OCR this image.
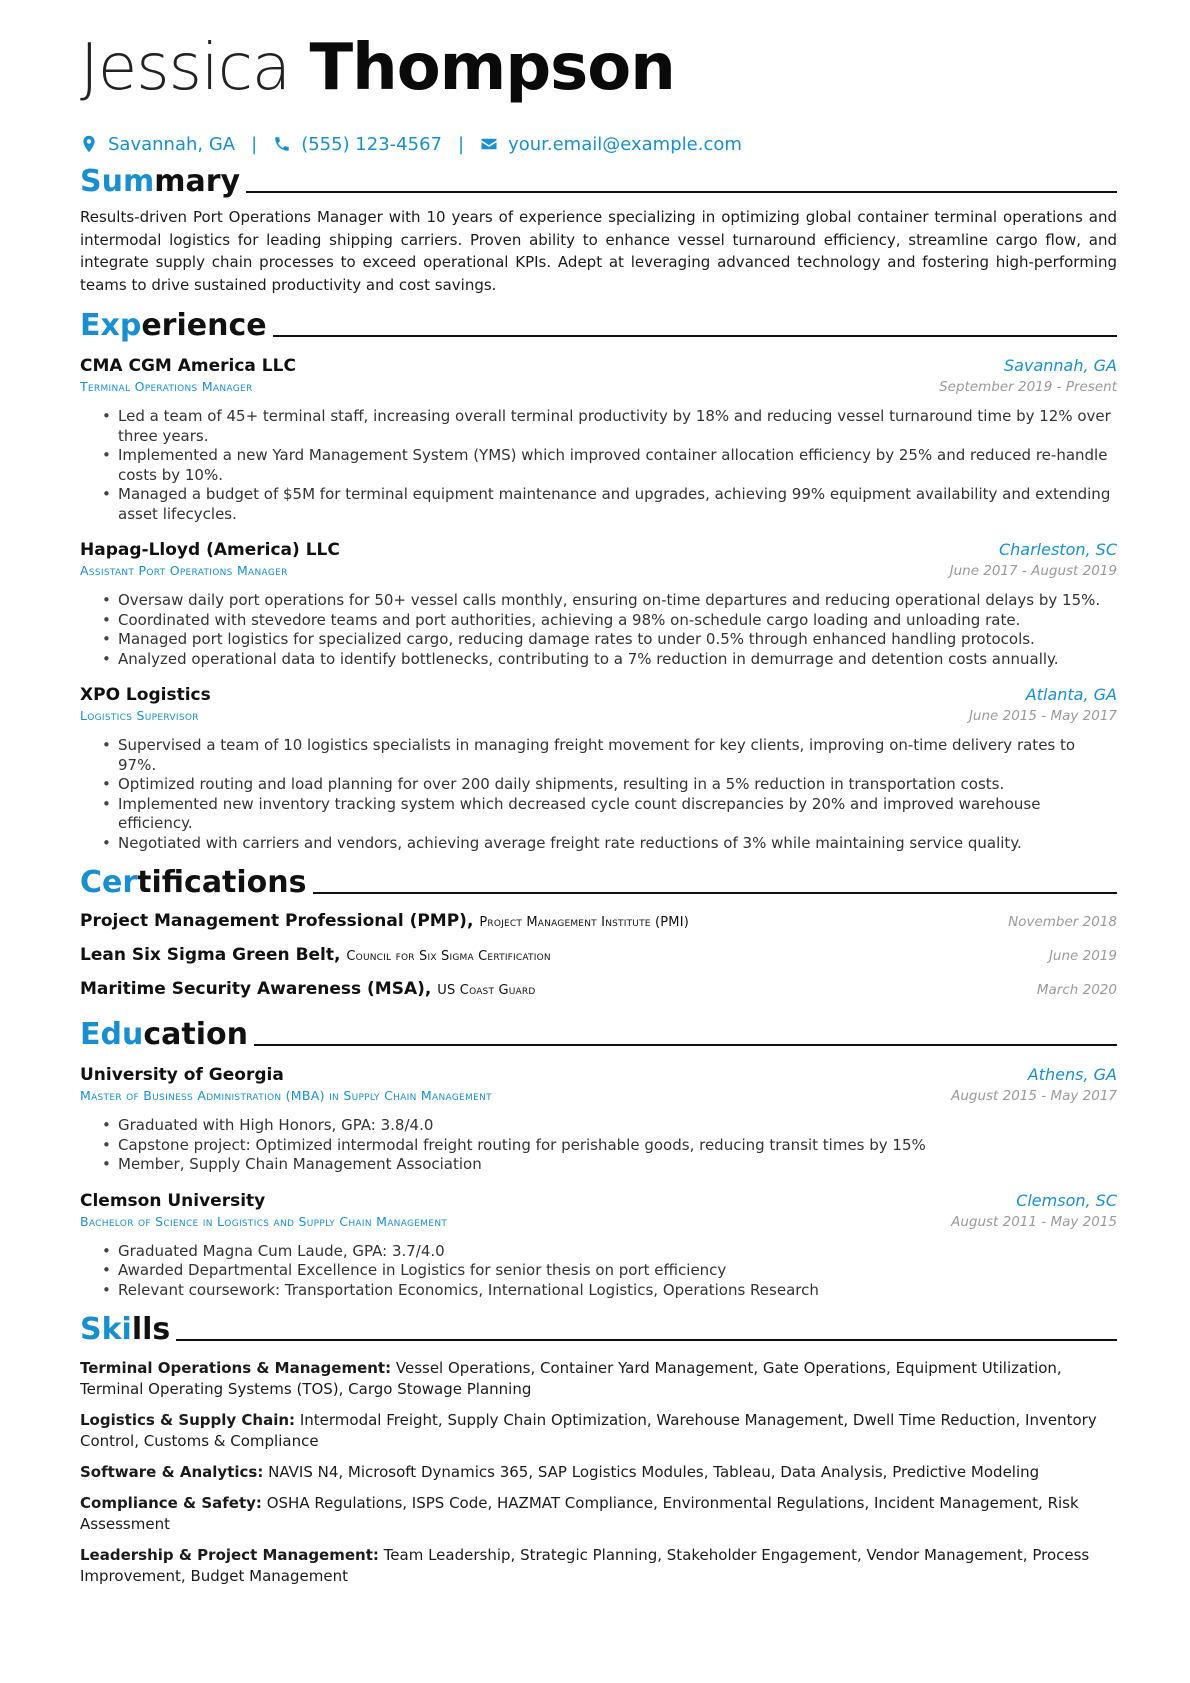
Jessica Thompson
Savannah, GA | (555) 123-4567 | your.email@example.com
Sum mary
Results-driven Port Operations Manager with 10 years of experience specializing in optimizing global container terminal operations and intermodal logistics for leading shipping carriers. Proven ability to enhance vessel turnaround efficiency, streamline cargo flow, and integrate supply chain processes to exceed operational KPIs. Adept at leveraging advanced technology and fostering high-performing teams to drive sustained productivity and cost savings.
Exp erience
CMA CGM America LLC	Savannah, GA
Terminal Operations Manager	September 2019 - Present
• Led a team of 45+ terminal staff, increasing overall terminal productivity by 18% and reducing vessel turnaround time by 12% over three years.
• Implemented a new Yard Management System (YMS) which improved container allocation efficiency by 25% and reduced re-handle costs by 10%.
• Managed a budget of $5M for terminal equipment maintenance and upgrades, achieving 99% equipment availability and extending asset lifecycles.
Hapag-Lloyd (America) LLC	Charleston, SC
Assistant Port Operations Manager	June 2017 - August 2019
• Oversaw daily port operations for 50+ vessel calls monthly, ensuring on-time departures and reducing operational delays by 15%.
• Coordinated with stevedore teams and port authorities, achieving a 98% on-schedule cargo loading and unloading rate.
• Managed port logistics for specialized cargo, reducing damage rates to under 0.5% through enhanced handling protocols.
• Analyzed operational data to identify bottlenecks, contributing to a 7% reduction in demurrage and detention costs annually.
XPO Logistics	Atlanta, GA
Logistics Supervisor	June 2015 - May 2017
• Supervised a team of 10 logistics specialists in managing freight movement for key clients, improving on-time delivery rates to 97%.
• Optimized routing and load planning for over 200 daily shipments, resulting in a 5% reduction in transportation costs.
• Implemented new inventory tracking system which decreased cycle count discrepancies by 20% and improved warehouse efficiency.
• Negotiated with carriers and vendors, achieving average freight rate reductions of 3% while maintaining service quality.
Cer tifications
Project Management Professional (PMP), Project Management Institute (PMI)	November 2018
Lean Six Sigma Green Belt, Council for Six Sigma Certification	June 2019
Maritime Security Awareness (MSA), US Coast Guard	March 2020
Edu cation
University of Georgia	Athens, GA
Master of Business Administration (MBA) in Supply Chain Management	August 2015 - May 2017
• Graduated with High Honors, GPA: 3.8/4.0
• Capstone project: Optimized intermodal freight routing for perishable goods, reducing transit times by 15%
• Member, Supply Chain Management Association
Clemson University	Clemson, SC
Bachelor of Science in Logistics and Supply Chain Management	August 2011 - May 2015
• Graduated Magna Cum Laude, GPA: 3.7/4.0
• Awarded Departmental Excellence in Logistics for senior thesis on port efficiency
• Relevant coursework: Transportation Economics, International Logistics, Operations Research
Ski lls
Terminal Operations & Management: Vessel Operations, Container Yard Management, Gate Operations, Equipment Utilization, Terminal Operating Systems (TOS), Cargo Stowage Planning
Logistics & Supply Chain: Intermodal Freight, Supply Chain Optimization, Warehouse Management, Dwell Time Reduction, Inventory Control, Customs & Compliance
Software & Analytics: NAVIS N4, Microsoft Dynamics 365, SAP Logistics Modules, Tableau, Data Analysis, Predictive Modeling
Compliance & Safety: OSHA Regulations, ISPS Code, HAZMAT Compliance, Environmental Regulations, Incident Management, Risk Assessment
Leadership & Project Management: Team Leadership, Strategic Planning, Stakeholder Engagement, Vendor Management, Process Improvement, Budget Management
